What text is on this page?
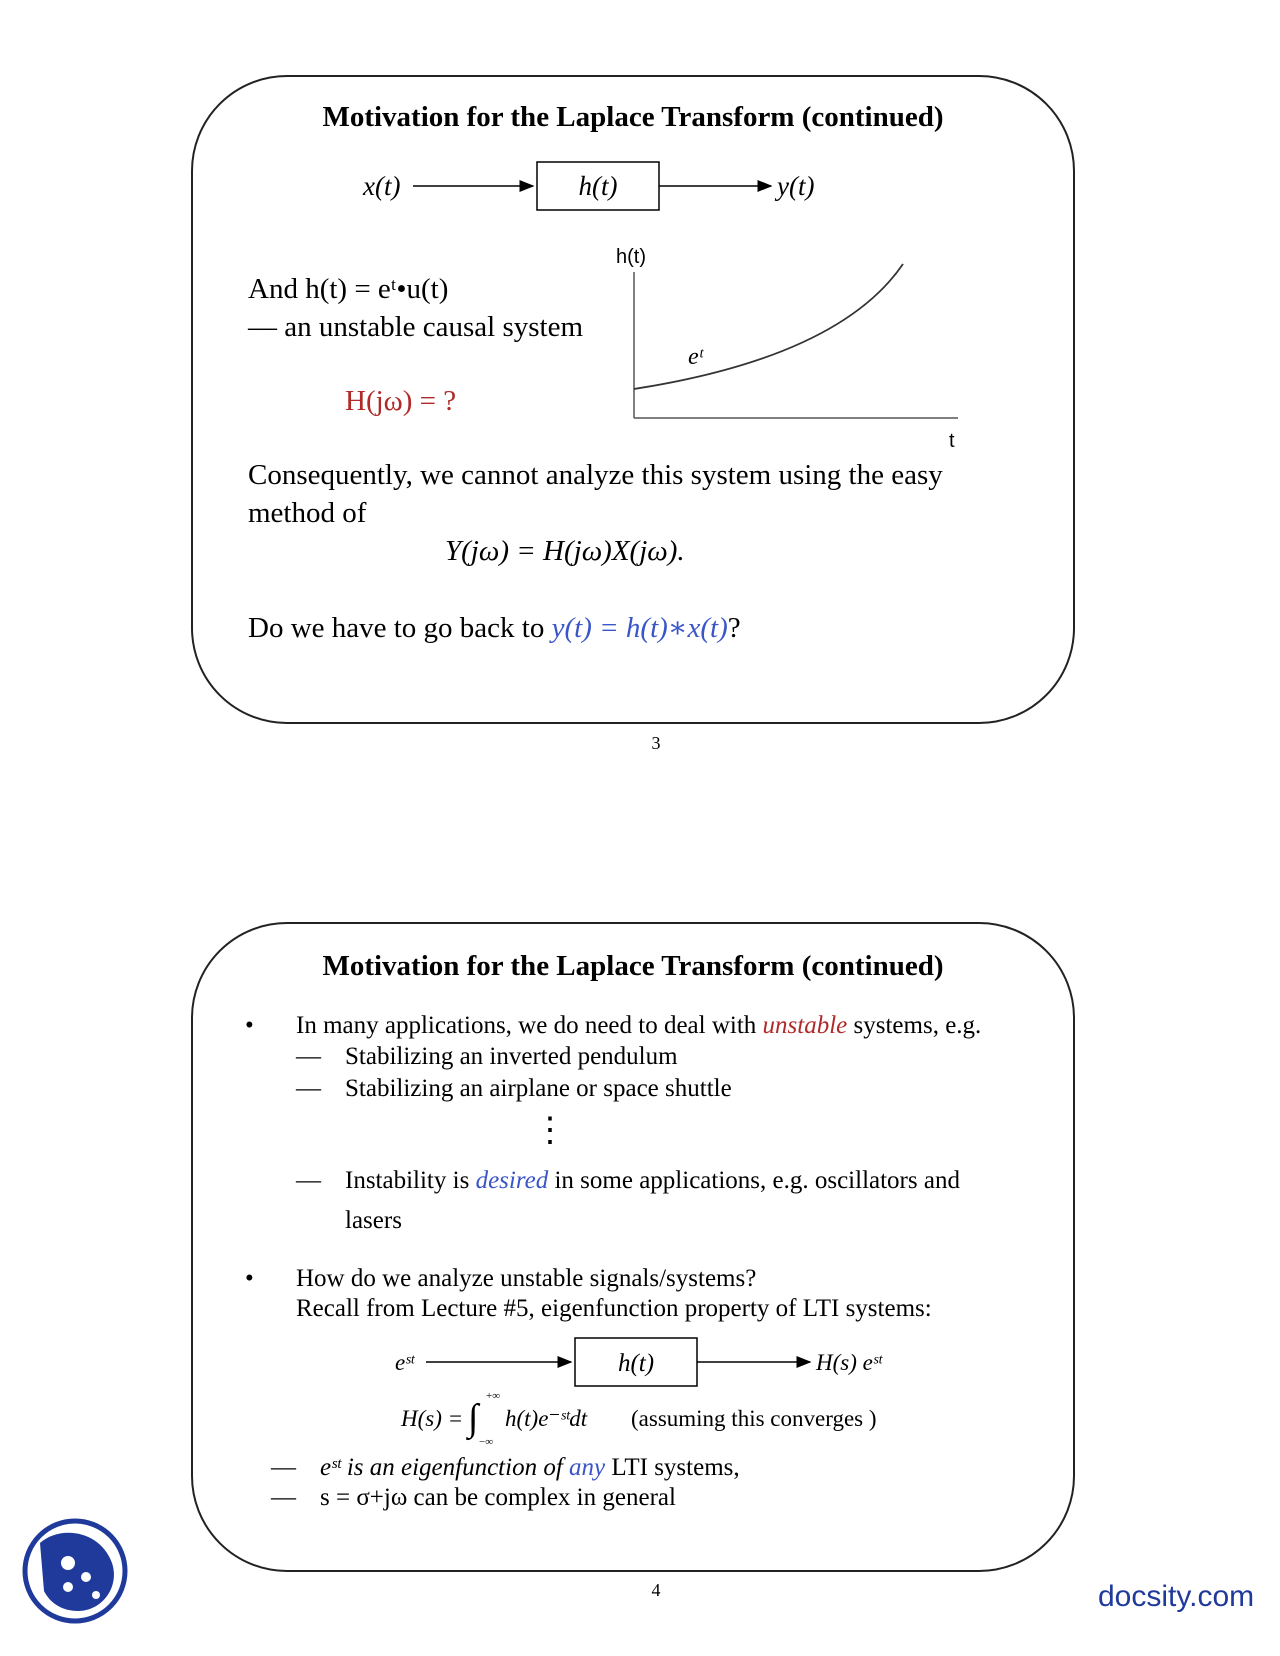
Motivation for the Laplace Transform (continued)
x(t)	h(t)	y(t)
And h(t) = eᵗ•u(t)
–– an unstable causal system
H(jω) = ?
h(t)
t
eᵗ
Consequently, we cannot analyze this system using the easy
method of
Y(jω) = H(jω)X(jω).
Do we have to go back to y(t) = h(t)∗x(t)?
3
Motivation for the Laplace Transform (continued)
• In many applications, we do need to deal with unstable systems, e.g.
— Stabilizing an inverted pendulum
— Stabilizing an airplane or space shuttle
⋮
— Instability is desired in some applications, e.g. oscillators and
lasers
• How do we analyze unstable signals/systems?
Recall from Lecture #5, eigenfunction property of LTI systems:
eˢᵗ	h(t)	H(s) eˢᵗ
H(s) = ∫
+∞
−∞
h(t)e⁻ˢᵗdt (assuming this converges )
— eˢᵗ is an eigenfunction of any LTI systems,
— s = σ+jω can be complex in general
4	docsity.com
